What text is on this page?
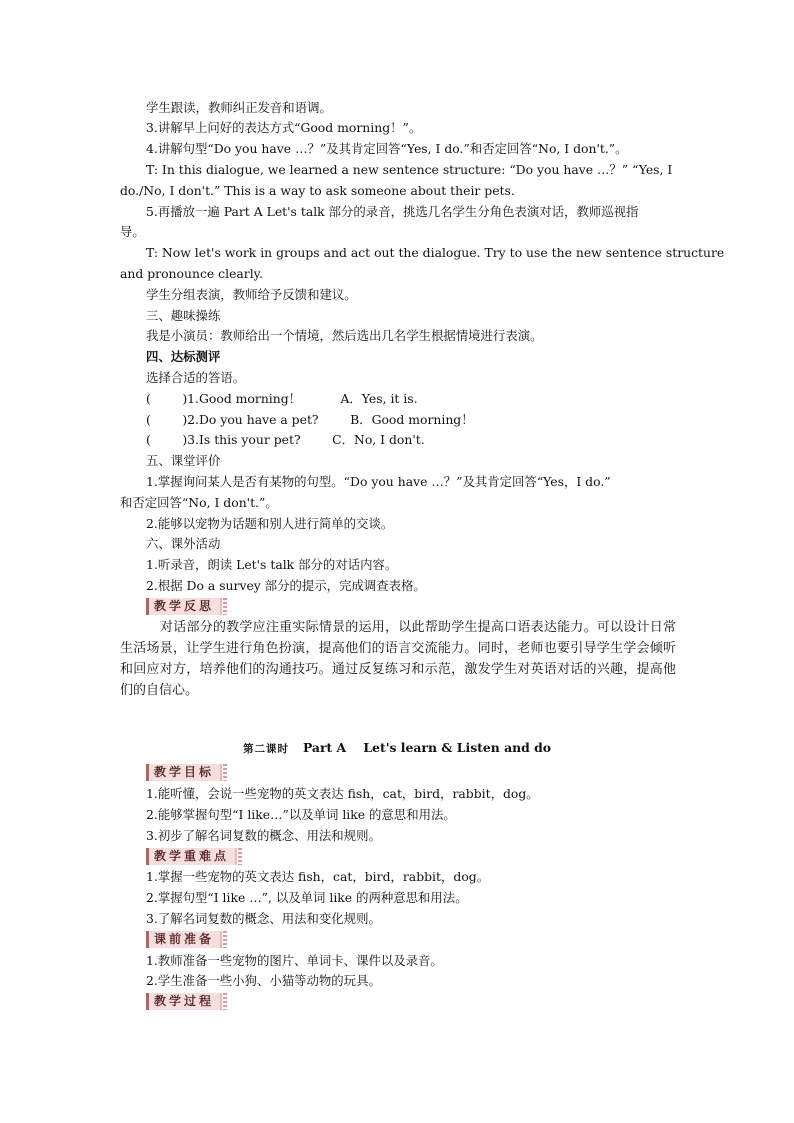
学生跟读，教师纠正发音和语调。
3.讲解早上问好的表达方式“Good morning！”。
4.讲解句型“Do you have …？”及其肯定回答“Yes, I do.”和否定回答“No, I don't.”。
T: In this dialogue, we learned a new sentence structure: “Do you have …？” “Yes, I
do./No, I don't.” This is a way to ask someone about their pets.
5.再播放一遍 Part A Let's talk 部分的录音，挑选几名学生分角色表演对话，教师巡视指
导。
T: Now let's work in groups and act out the dialogue. Try to use the new sentence structure
and pronounce clearly.
学生分组表演，教师给予反馈和建议。
三、趣味操练
我是小演员：教师给出一个情境，然后选出几名学生根据情境进行表演。
四、达标测评
选择合适的答语。
(        )1.Good morning！          A．Yes, it is.
(        )2.Do you have a pet?        B．Good morning！
(        )3.Is this your pet?        C．No, I don't.
五、课堂评价
1.掌握询问某人是否有某物的句型。“Do you have …？”及其肯定回答“Yes，I do.”
和否定回答“No, I don't.”。
2.能够以宠物为话题和别人进行简单的交谈。
六、课外活动
1.听录音，朗读 Let's talk 部分的对话内容。
2.根据 Do a survey 部分的提示，完成调查表格。
教学反思
对话部分的教学应注重实际情景的运用，以此帮助学生提高口语表达能力。可以设计日常生活场景，让学生进行角色扮演，提高他们的语言交流能力。同时，老师也要引导学生学会倾听和回应对方，培养他们的沟通技巧。通过反复练习和示范，激发学生对英语对话的兴趣，提高他们的自信心。
第二课时 Part A    Let's learn & Listen and do
教学目标
1.能听懂，会说一些宠物的英文表达 fish，cat，bird，rabbit，dog。
2.能够掌握句型“I like…”以及单词 like 的意思和用法。
3.初步了解名词复数的概念、用法和规则。
教学重难点
1.掌握一些宠物的英文表达 fish，cat，bird，rabbit，dog。
2.掌握句型“I like …”, 以及单词 like 的两种意思和用法。
3.了解名词复数的概念、用法和变化规则。
课前准备
1.教师准备一些宠物的图片、单词卡、课件以及录音。
2.学生准备一些小狗、小猫等动物的玩具。
教学过程
